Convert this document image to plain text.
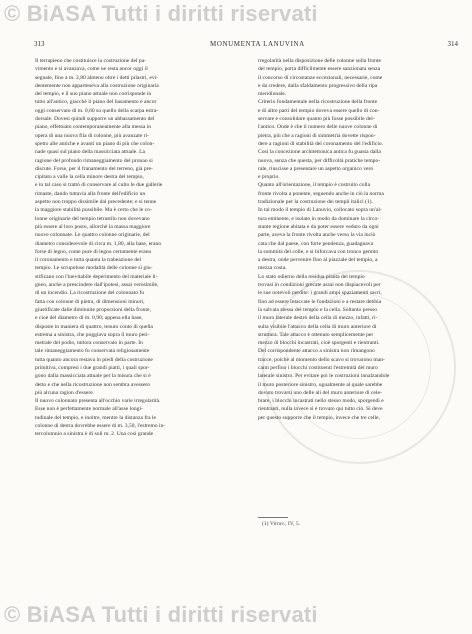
© BiASA Tutti i diritti riservati
313	MONUMENTA LANUVINA	314
Il terrapieno che costituisce la costruzione del pa-
vimento e si avanzava, come ne resta ancor oggi il
segnale, fino a m. 2,80 almeno oltre i detti pilastri, evi-
dentemente non apparteneva alla costruzione originaria
del tempio, e il suo piano attuale non corrisponde in
tutto all'antico, giacchè il piano del basamento è ancor
oggi conservato di m. 0,60 su quello della scarpa estra-
dorsale. Dovesi quindi supporre un abbassamento del
piano, effettuato contemporaneamente alla messa in
opera di una nuova fila di colonne, più avanzate ri-
spetto alle antiche e avanti un piano di più che colon-
nade quasi sul piano della massicciata attuale. La
ragione del profondo rimaneggiamento del pronao si
discute. Forse, per il franamento del terreno, già pre-
cipitato a valle la cella minore destra del tempio,
e in tal caso si trattò di conservare al culto le due gallerie
rimaste, dando tuttavia alla fronte dell'edificio un
aspetto non troppo dissimile dal precedente; e si tenne
la maggiore stabilità possibile. Ma è certo che le co-
lonne originarie del tempio tetrastilo non dovevano
più essere al loro posto, allorchè la massa maggiore
nuove colonnate. Le quattro colonne originarie, del
diametro considerevole di circa m. 1,80, alla base, erano
forse di legno, come pure di legno certamente erano
il coronamento e tutta quanta la trabeazione del
tempio. Le scrupolose modalità delle colonne si giu-
stificano con l'inevitabile deperimento del materiale li-
gneo, anche a prescindere dall'ipotesi, assai verosimile,
di un incendio. La ricostruzione del colonnato fu
fatta con colonne di pietra, di dimensioni minori,
giustificate dalle diminuite proporzioni della fronte,
e cioè del diametro di m. 0,90; appena ella base,
disposte in maniera di quattro, tenuto conto di quella
estrema a sinistra, che poggiava sopra il muro peri-
metrale del podio, tuttora conservato in parte. In
tale rimaneggiamento fu conservata religiosamente
tutta quanto ancora restava in piedi della costruzione
primitiva, compresi i due grandi piatti, i quali spor-
gono dalla massicciata attuale per la misura che si è
detto e che nella ricostruzione non sembra avessero
più alcuna ragion d'essere.
Il nuovo colonnato presenta all'occhio varie irregolarità.
Esse non è perfettamente normale all'asse longi-
tudinale del tempio, e inoltre, mentre la distanza fra le
colonne di destra dovrebbe essere di m. 3,50, l'estremo in-
tercolumnio a sinistra è di soli m. 2. Una così grande
rregolarità nella disposizione delle colonne sulla fronte
del tempio, porta difficilmente essere sanzionata senza
il concorso di circostanze eccezionali, necessarie, come
e da credere, dalla sfaldamento progressivo della ripa
meridionale.
Criterio fondamentale nella ricostruzione della fronte
e di altre parti del tempio doveva essere quello di con-
servare e consolidare quanto più fosse possibile del-
l'antico. Onde è che il numero delle nuove colonne di
pietra, più che a ragioni di simmetria dovette rispon-
dere a ragioni di stabilità del coronamento del l'edificio.
Così la concezione architettonica antica fu guasta dalla
nuova, senza che questa, per difficoltà pratiche tempo-
rale, riuscisse a presentare un aspetto organico vero
e proprio.
Quanto all'orientazione, il tempio è costruito colla
fronte rivolta a ponente, seguendo anche in ciò la norma
tradizionale per la costruzione dei templi italici (1).
In tal modo il tempio di Lanuvio, collocato sopra un'al-
tura eminente, e isolato in modo da dominare la circo-
stante regione abitata e da poter essere veduto da ogni
parte, aveva la fronte rivolta anche verso la via inciò
cata che dal paese, con forte pendenza, guadagnava
la sommità del colle, e si biforcava con tronco gemito
a destra, onde pervenire fino al piazzale del tempio, a
mezza costa.
Lo stato odierno della residua pianta del tempio
trovasi in condizioni grecate assai non dispiacevoli per
le sue notevoli perdite: i grandi ampi spaziamenti sacri,
fino ad essere intaccate le fondazioni e a restare debbia
la salvata stessa del tempio e la cella. Soltanto presso
il muro laterale destro della cella di mezzo, infatti, ri-
sulta visibile l'attacco della cella di muro anteriore di
struttura. Tale attacco è ottenuto semplicemente per
mezzo di blocchi incastrati, cioè sporgenti e rientranti.
Del corrispondente attacco a sinistra non rimangono
tracce, poichè al momento dello scavo si trovarono man-
canti perfino i blocchi costituenti l'estremità del muro
laterale sinistro. Per evitare poi le costruzioni innalzandole
il muro posteriore sinistro, ugualmente al quale sarebbe
dovuto trovarsi uno delle ali del muro anteriore di cele-
brare, i blocchi incastrati nello stesso modo, sporgendi e
rientranti, nulla invece si è trovato qui tutto ciò. Si deve
per questo supporre che il tempio, invece che tre celle,
(1) Vitruv., IV, 5.
© BiASA Tutti i diritti riservati
